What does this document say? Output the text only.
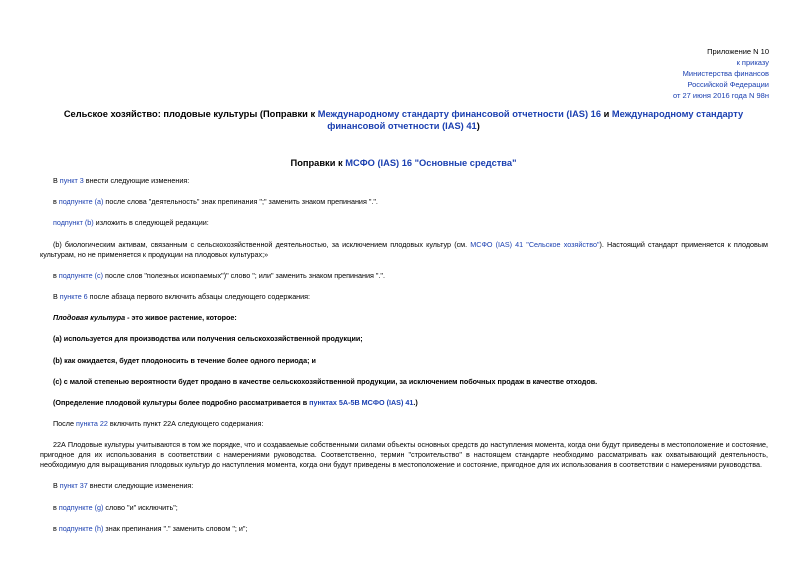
Приложение N 10
к приказу
Министерства финансов
Российской Федерации
от 27 июня 2016 года N 98н
Сельское хозяйство: плодовые культуры (Поправки к Международному стандарту финансовой отчетности (IAS) 16 и Международному стандарту финансовой отчетности (IAS) 41)
Поправки к МСФО (IAS) 16 "Основные средства"

В пункт 3 внести следующие изменения:

в подпункте (а) после слова "деятельность" знак препинания ";" заменить знаком препинания ".".

подпункт (b) изложить в следующей редакции:

(b) биологическим активам, связанным с сельскохозяйственной деятельностью, за исключением плодовых культур (см. МСФО (IAS) 41 "Сельское хозяйство"). Настоящий стандарт применяется к плодовым культурам, но не применяется к продукции на плодовых культурах;»

в подпункте (с) после слов "полезных ископаемых")" слово "; или" заменить знаком препинания ".".

В пункте 6 после абзаца первого включить абзацы следующего содержания:

Плодовая культура - это живое растение, которое:

(а) используется для производства или получения сельскохозяйственной продукции;

(b) как ожидается, будет плодоносить в течение более одного периода; и

(с) с малой степенью вероятности будет продано в качестве сельскохозяйственной продукции, за исключением побочных продаж в качестве отходов.

(Определение плодовой культуры более подробно рассматривается в пунктах 5А-5В МСФО (IAS) 41.)

После пункта 22 включить пункт 22А следующего содержания:

22А Плодовые культуры учитываются в том же порядке, что и создаваемые собственными силами объекты основных средств до наступления момента, когда они будут приведены в местоположение и состояние, пригодное для их использования в соответствии с намерениями руководства. Соответственно, термин "строительство" в настоящем стандарте необходимо рассматривать как охватывающий деятельность, необходимую для выращивания плодовых культур до наступления момента, когда они будут приведены в местоположение и состояние, пригодное для их использования в соответствии с намерениями руководства.

В пункт 37 внести следующие изменения:

в подпункте (g) слово "и" исключить";

в подпункте (h) знак препинания "." заменить словом "; и";
